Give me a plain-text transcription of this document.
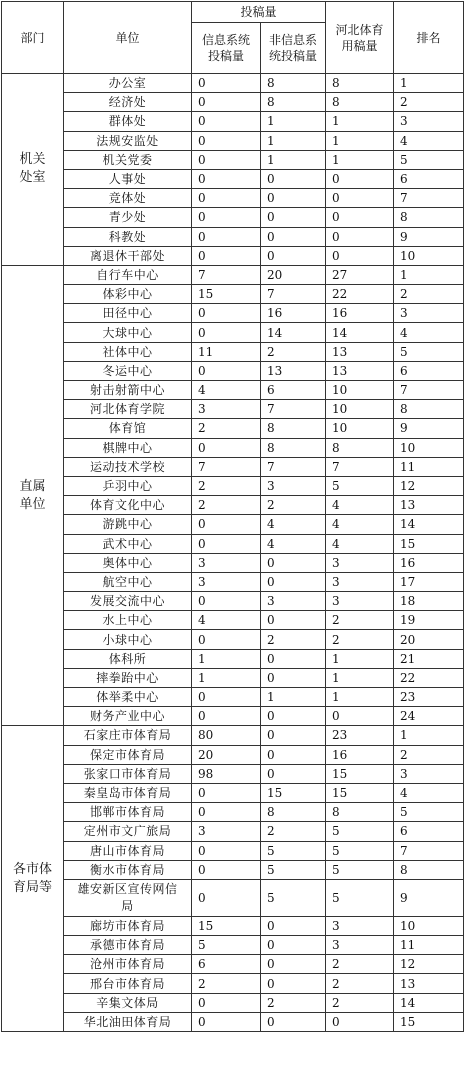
部门	单位	投稿量		河北体育用稿量	排名
		信息系统投稿量	非信息系统投稿量		
机关处室	办公室	0	8	8	1
	经济处	0	8	8	2
	群体处	0	1	1	3
	法规安监处	0	1	1	4
	机关党委	0	1	1	5
	人事处	0	0	0	6
	竞体处	0	0	0	7
	青少处	0	0	0	8
	科教处	0	0	0	9
	离退休干部处	0	0	0	10
直属单位	自行车中心	7	20	27	1
	体彩中心	15	7	22	2
	田径中心	0	16	16	3
	大球中心	0	14	14	4
	社体中心	11	2	13	5
	冬运中心	0	13	13	6
	射击射箭中心	4	6	10	7
	河北体育学院	3	7	10	8
	体育馆	2	8	10	9
	棋牌中心	0	8	8	10
	运动技术学校	7	7	7	11
	乒羽中心	2	3	5	12
	体育文化中心	2	2	4	13
	游跳中心	0	4	4	14
	武术中心	0	4	4	15
	奥体中心	3	0	3	16
	航空中心	3	0	3	17
	发展交流中心	0	3	3	18
	水上中心	4	0	2	19
	小球中心	0	2	2	20
	体科所	1	0	1	21
	摔拳跆中心	1	0	1	22
	体举柔中心	0	1	1	23
	财务产业中心	0	0	0	24
各市体育局等	石家庄市体育局	80	0	23	1
	保定市体育局	20	0	16	2
	张家口市体育局	98	0	15	3
	秦皇岛市体育局	0	15	15	4
	邯郸市体育局	0	8	8	5
	定州市文广旅局	3	2	5	6
	唐山市体育局	0	5	5	7
	衡水市体育局	0	5	5	8
	雄安新区宣传网信局	0	5	5	9
	廊坊市体育局	15	0	3	10
	承德市体育局	5	0	3	11
	沧州市体育局	6	0	2	12
	邢台市体育局	2	0	2	13
	辛集文体局	0	2	2	14
	华北油田体育局	0	0	0	15
